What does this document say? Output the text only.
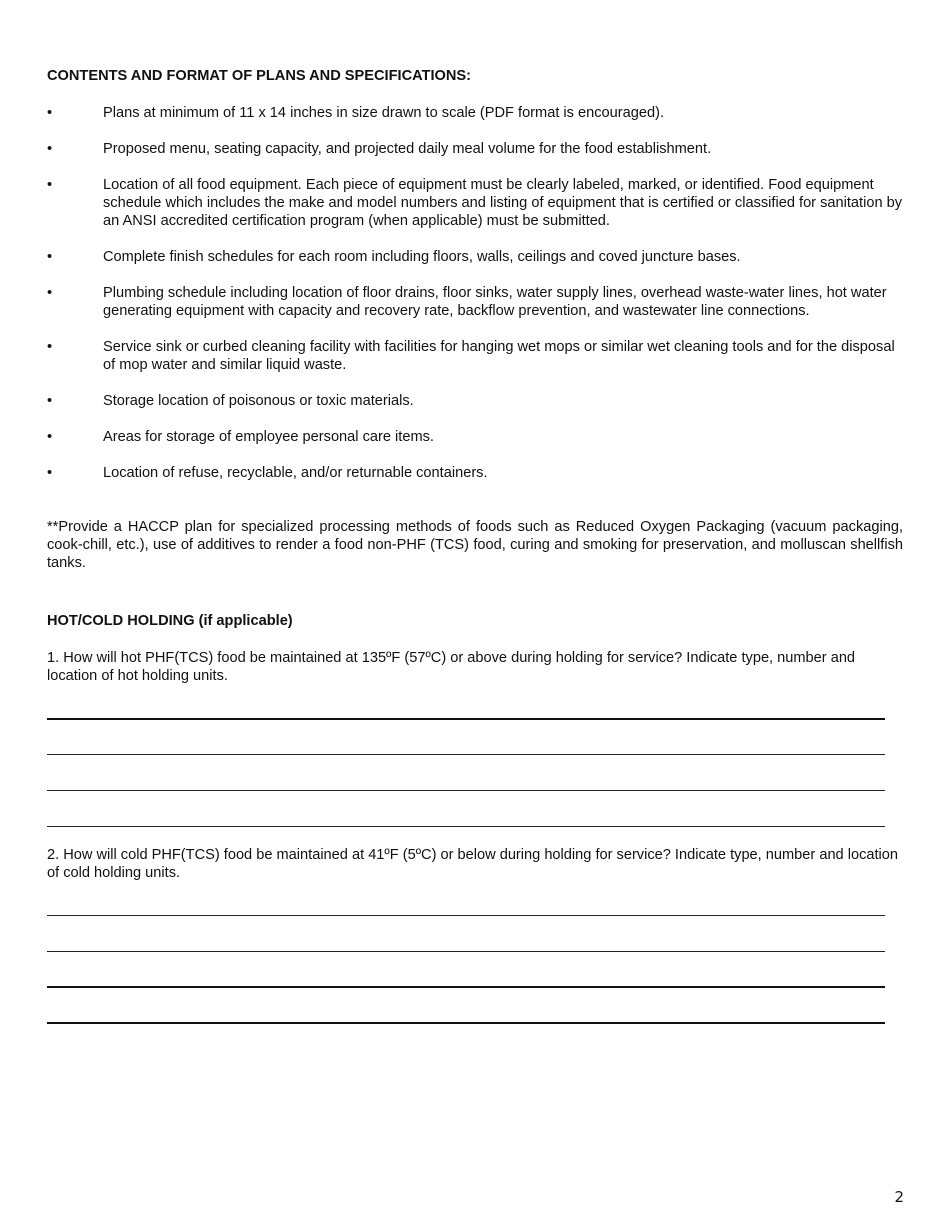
CONTENTS AND FORMAT OF PLANS AND SPECIFICATIONS:
•	Plans at minimum of 11 x 14 inches in size drawn to scale (PDF format is encouraged).
•	Proposed menu, seating capacity, and projected daily meal volume for the food establishment.
•	Location of all food equipment. Each piece of equipment must be clearly labeled, marked, or identified. Food equipment schedule which includes the make and model numbers and listing of equipment that is certified or classified for sanitation by an ANSI accredited certification program (when applicable) must be submitted.
•	Complete finish schedules for each room including floors, walls, ceilings and coved juncture bases.
•	Plumbing schedule including location of floor drains, floor sinks, water supply lines, overhead waste-water lines, hot water generating equipment with capacity and recovery rate, backflow prevention, and wastewater line connections.
•	Service sink or curbed cleaning facility with facilities for hanging wet mops or similar wet cleaning tools and for the disposal of mop water and similar liquid waste.
•	Storage location of poisonous or toxic materials.
•	Areas for storage of employee personal care items.
•	Location of refuse, recyclable, and/or returnable containers.

**Provide a HACCP plan for specialized processing methods of foods such as Reduced Oxygen Packaging (vacuum packaging, cook-chill, etc.), use of additives to render a food non-PHF (TCS) food, curing and smoking for preservation, and molluscan shellfish tanks.

HOT/COLD HOLDING (if applicable)

1. How will hot PHF(TCS) food be maintained at 135ºF (57ºC) or above during holding for service? Indicate type, number and location of hot holding units.

2. How will cold PHF(TCS) food be maintained at 41ºF (5ºC) or below during holding for service? Indicate type, number and location of cold holding units.

2
